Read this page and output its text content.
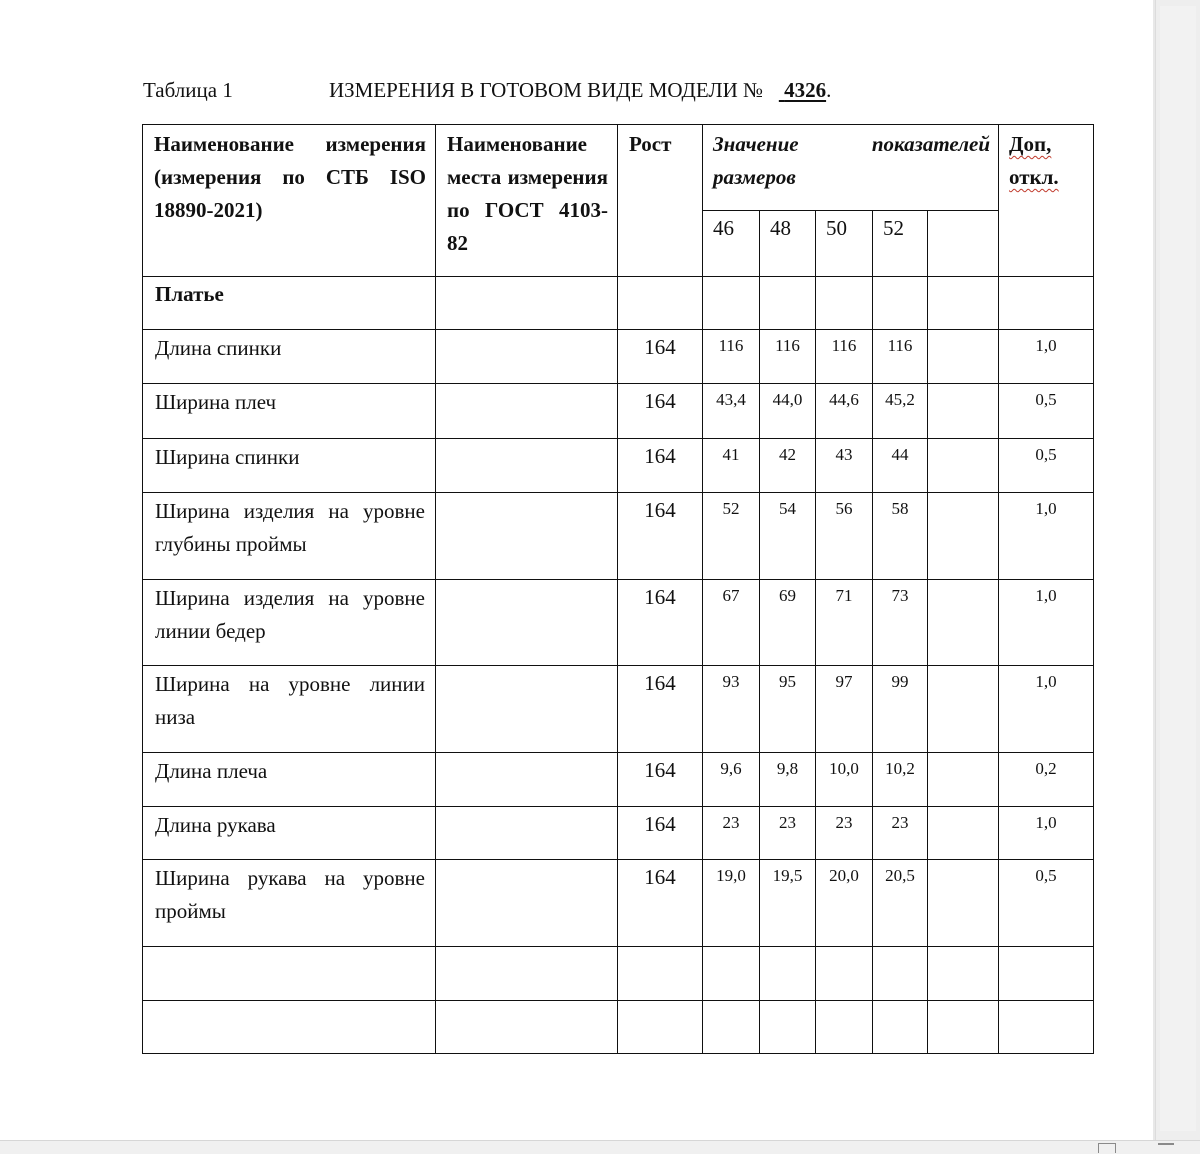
Таблица 1	ИЗМЕРЕНИЯ В ГОТОВОМ ВИДЕ МОДЕЛИ № 4326.
Наименование измерения (измерения по СТБ ISO 18890-2021)	Наименование места измерения по ГОСТ 4103-82	Рост	Значение показателей размеров					Доп, откл.
			46	48	50	52		
Платье								
Длина спинки		164	116	116	116	116		1,0
Ширина плеч		164	43,4	44,0	44,6	45,2		0,5
Ширина спинки		164	41	42	43	44		0,5
Ширина изделия на уровне глубины проймы		164	52	54	56	58		1,0
Ширина изделия на уровне линии бедер		164	67	69	71	73		1,0
Ширина на уровне линии низа		164	93	95	97	99		1,0
Длина плеча		164	9,6	9,8	10,0	10,2		0,2
Длина рукава		164	23	23	23	23		1,0
Ширина рукава на уровне проймы		164	19,0	19,5	20,0	20,5		0,5
